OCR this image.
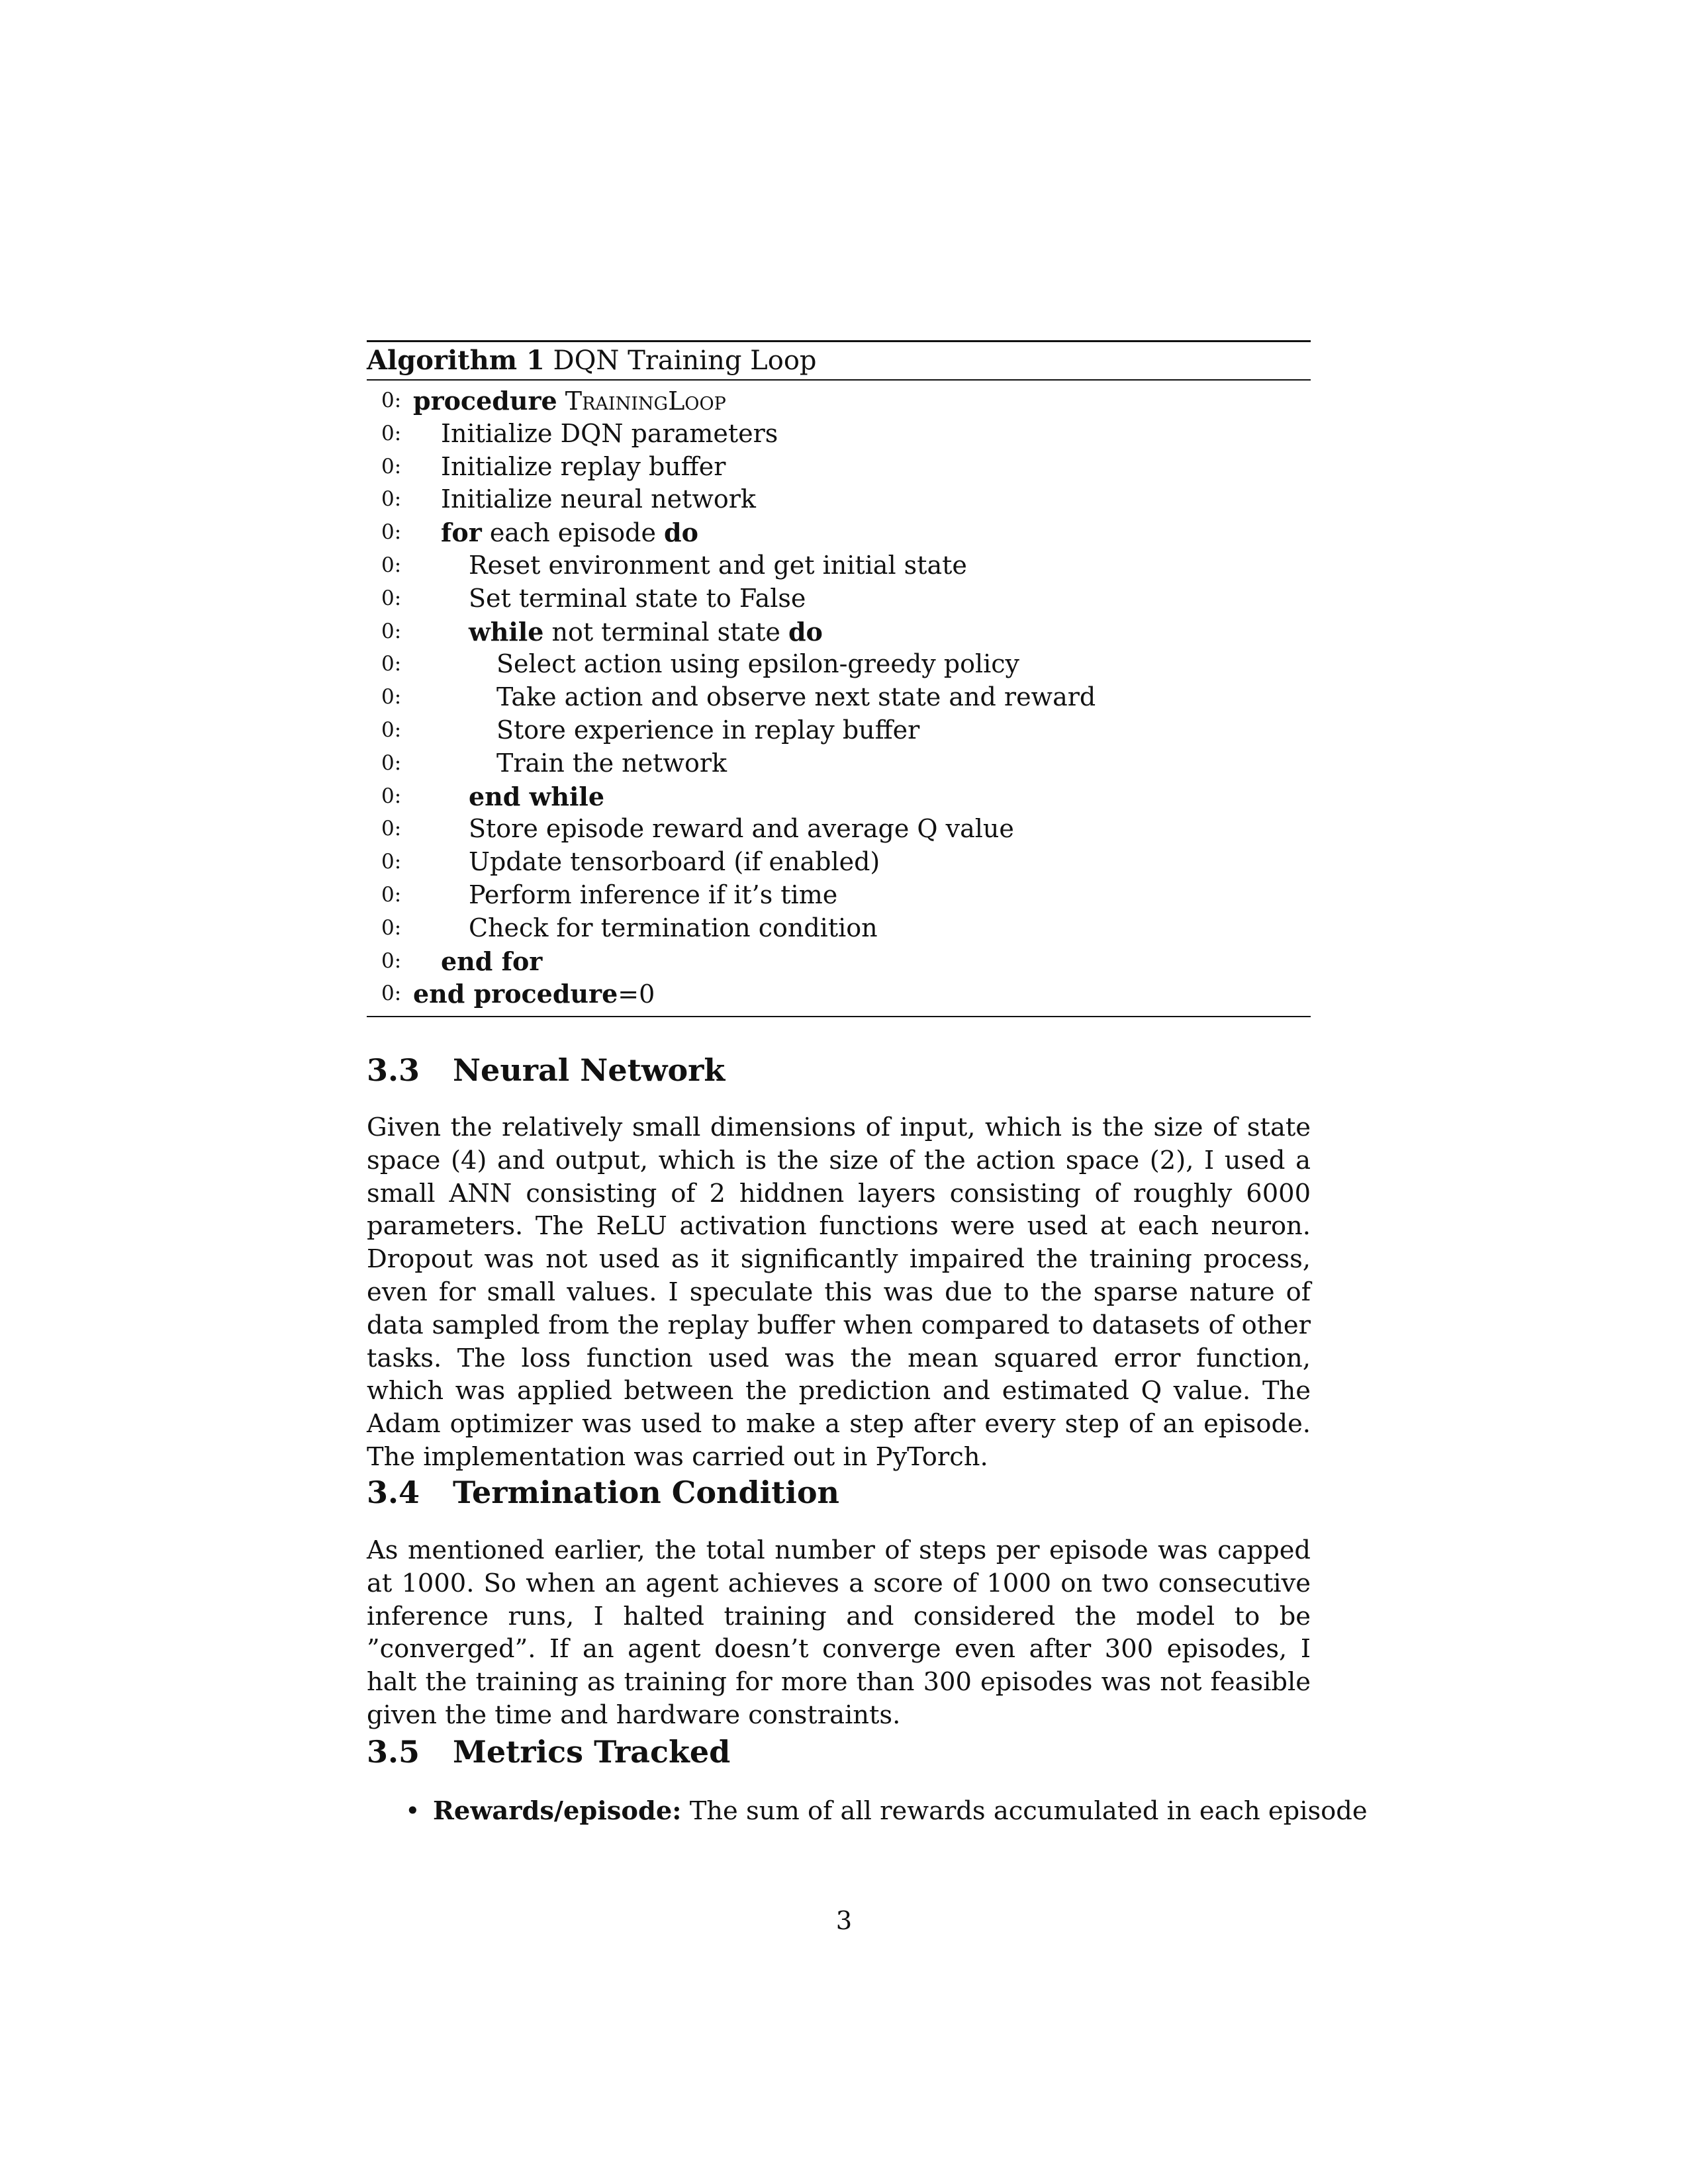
Algorithm 1 DQN Training Loop
0: procedure TrainingLoop
0: Initialize DQN parameters
0: Initialize replay buffer
0: Initialize neural network
0: for each episode do
0:	Reset environment and get initial state
0:	Set terminal state to False
0:	while not terminal state do
0:	Select action using epsilon-greedy policy
0:	Take action and observe next state and reward
0:	Store experience in replay buffer
0:	Train the network
0:	end while
0:	Store episode reward and average Q value
0:	Update tensorboard (if enabled)
0:	Perform inference if it’s time
0:	Check for termination condition
0: end for
0: end procedure=0
3.3 Neural Network

Given the relatively small dimensions of input, which is the size of state space (4) and output, which is the size of the action space (2), I used a small ANN consisting of 2 hiddnen layers consisting of roughly 6000 parameters. The ReLU activation functions were used at each neuron. Dropout was not used as it significantly impaired the training process, even for small values. I speculate this was due to the sparse nature of data sampled from the replay buffer when compared to datasets of other tasks. The loss function used was the mean squared error function, which was applied between the prediction and estimated Q value. The Adam optimizer was used to make a step after every step of an episode. The implementation was carried out in PyTorch.

3.4 Termination Condition

As mentioned earlier, the total number of steps per episode was capped at 1000. So when an agent achieves a score of 1000 on two consecutive inference runs, I halted training and considered the model to be ”converged”. If an agent doesn’t converge even after 300 episodes, I halt the training as training for more than 300 episodes was not feasible given the time and hardware constraints.

3.5 Metrics Tracked
• Rewards/episode: The sum of all rewards accumulated in each episode
3
